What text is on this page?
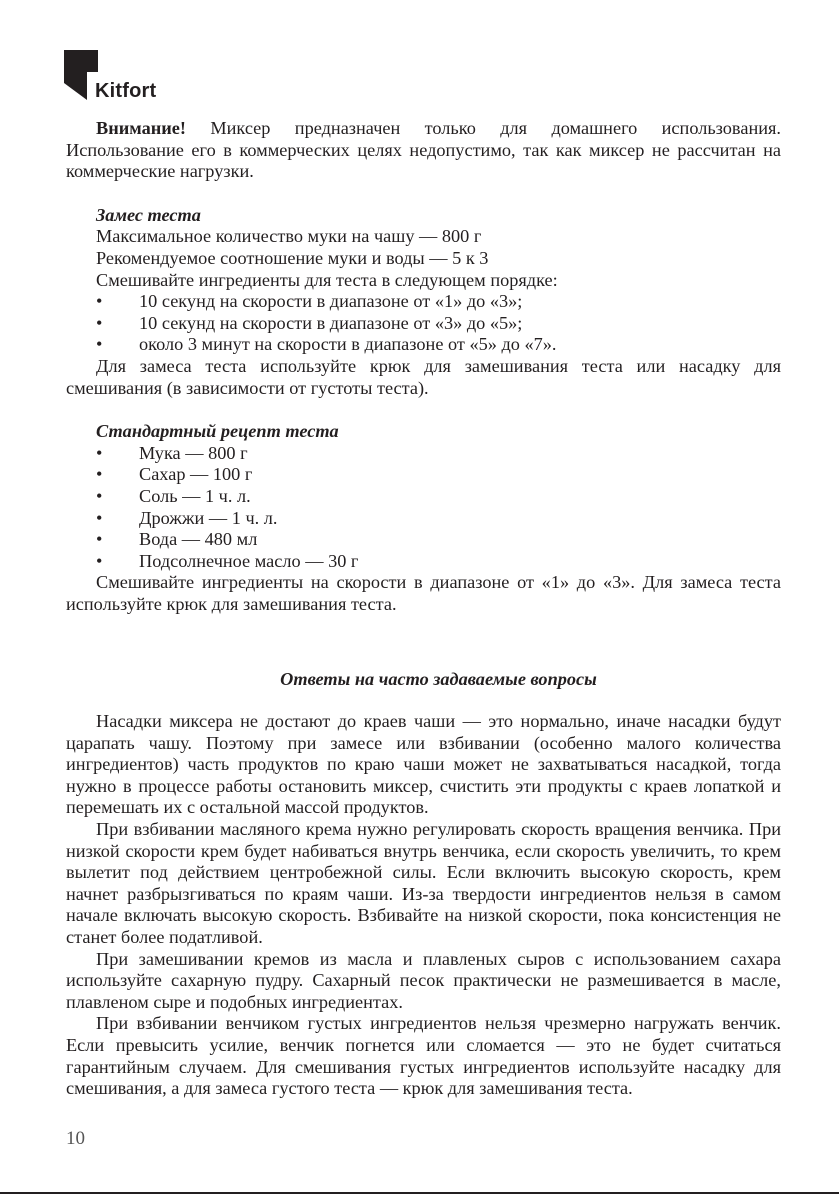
Kitfort

Внимание! Миксер предназначен только для домашнего использования. Использование его в коммерческих целях недопустимо, так как миксер не рассчитан на коммерческие нагрузки.

Замес теста

Максимальное количество муки на чашу — 800 г

Рекомендуемое соотношение муки и воды — 5 к 3

Смешивайте ингредиенты для теста в следующем порядке:

• 10 секунд на скорости в диапазоне от «1» до «3»;
• 10 секунд на скорости в диапазоне от «3» до «5»;
• около 3 минут на скорости в диапазоне от «5» до «7».

Для замеса теста используйте крюк для замешивания теста или насадку для смешивания (в зависимости от густоты теста).

Стандартный рецепт теста

• Мука — 800 г
• Сахар — 100 г
• Соль — 1 ч. л.
• Дрожжи — 1 ч. л.
• Вода — 480 мл
• Подсолнечное масло — 30 г

Смешивайте ингредиенты на скорости в диапазоне от «1» до «3». Для замеса теста используйте крюк для замешивания теста.

Ответы на часто задаваемые вопросы

Насадки миксера не достают до краев чаши — это нормально, иначе насадки будут царапать чашу. Поэтому при замесе или взбивании (особенно малого количества ингредиентов) часть продуктов по краю чаши может не захватываться насадкой, тогда нужно в процессе работы остановить миксер, счистить эти продукты с краев лопаткой и перемешать их с остальной массой продуктов.

При взбивании масляного крема нужно регулировать скорость вращения венчика. При низкой скорости крем будет набиваться внутрь венчика, если скорость увеличить, то крем вылетит под действием центробежной силы. Если включить высокую скорость, крем начнет разбрызгиваться по краям чаши. Из-за твердости ингредиентов нельзя в самом начале включать высокую скорость. Взбивайте на низкой скорости, пока консистенция не станет более податливой.

При замешивании кремов из масла и плавленых сыров с использованием сахара используйте сахарную пудру. Сахарный песок практически не размешивается в масле, плавленом сыре и подобных ингредиентах.

При взбивании венчиком густых ингредиентов нельзя чрезмерно нагружать венчик. Если превысить усилие, венчик погнется или сломается — это не будет считаться гарантийным случаем. Для смешивания густых ингредиентов используйте насадку для смешивания, а для замеса густого теста — крюк для замешивания теста.

10
